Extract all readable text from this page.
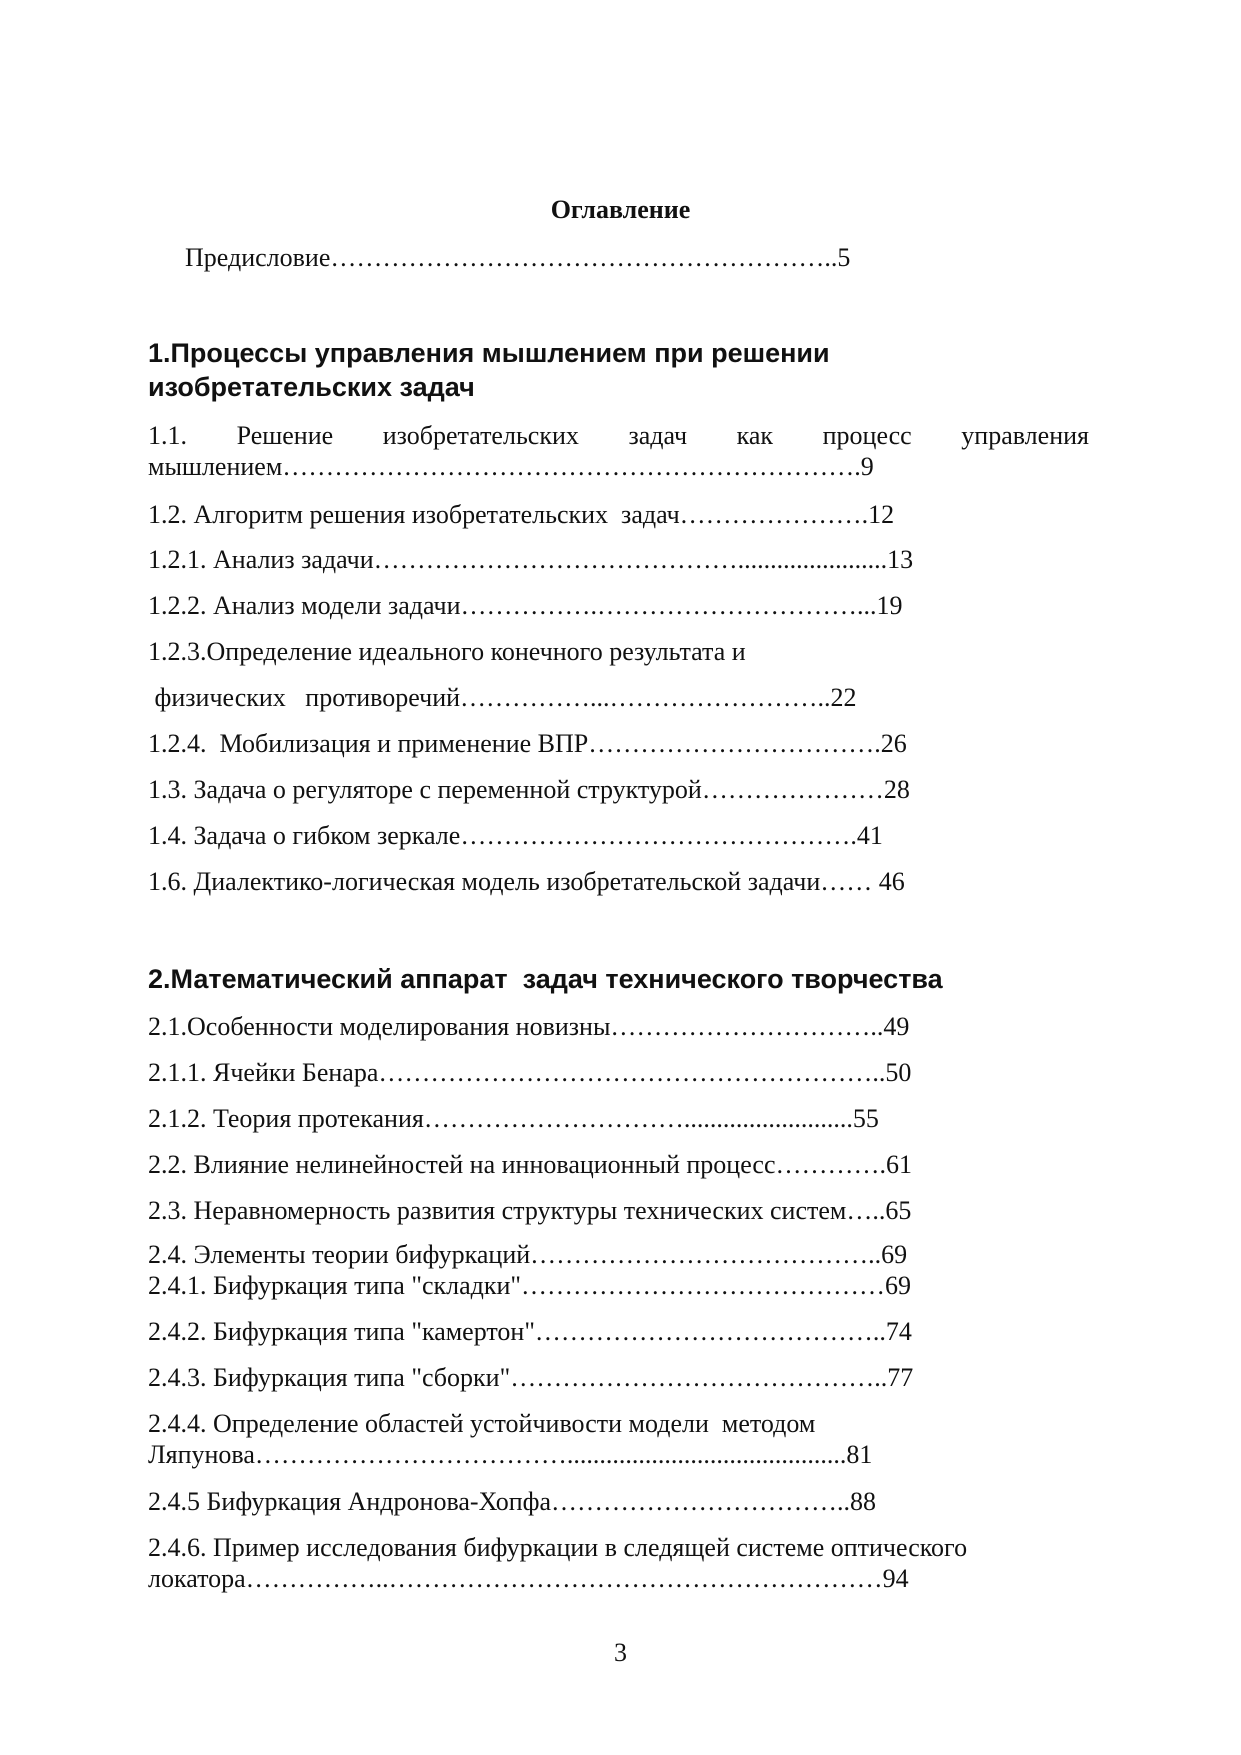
Оглавление
Предисловие…………………………………………………..5
1.Процессы управления мышлением при решении
изобретательских задач
1.1. Решение изобретательских задач как процесс управления
мышлением………………………………………………………….9
1.2. Алгоритм решения изобретательских  задач………………….12
1.2.1. Анализ задачи…………………………………….......................13
1.2.2. Анализ модели задачи…………….…………………………...19
1.2.3.Определение идеального конечного результата и
физических   противоречий……………...……………………..22
1.2.4.  Мобилизация и применение ВПР…………………………….26
1.3. Задача о регуляторе с переменной структурой…………………28
1.4. Задача о гибком зеркале……………………………………….41
1.6. Диалектико-логическая модель изобретательской задачи…… 46
2.Математический аппарат  задач технического творчества
2.1.Особенности моделирования новизны…………………………..49
2.1.1. Ячейки Бенара…………………………………………………..50
2.1.2. Теория протекания…………………………..........................55
2.2. Влияние нелинейностей на инновационный процесс………….61
2.3. Неравномерность развития структуры технических систем…..65
2.4. Элементы теории бифуркаций…………………………………..69
2.4.1. Бифуркация типа "складки"……………………………………69
2.4.2. Бифуркация типа "камертон"…………………………………..74
2.4.3. Бифуркация типа "сборки"……………………………………..77
2.4.4. Определение областей устойчивости модели  методом
Ляпунова………………………………...........................................81
2.4.5 Бифуркация Андронова-Хопфа……………………………..88
2.4.6. Пример исследования бифуркации в следящей системе оптического
локатора……………..…………………………………………………94
3
